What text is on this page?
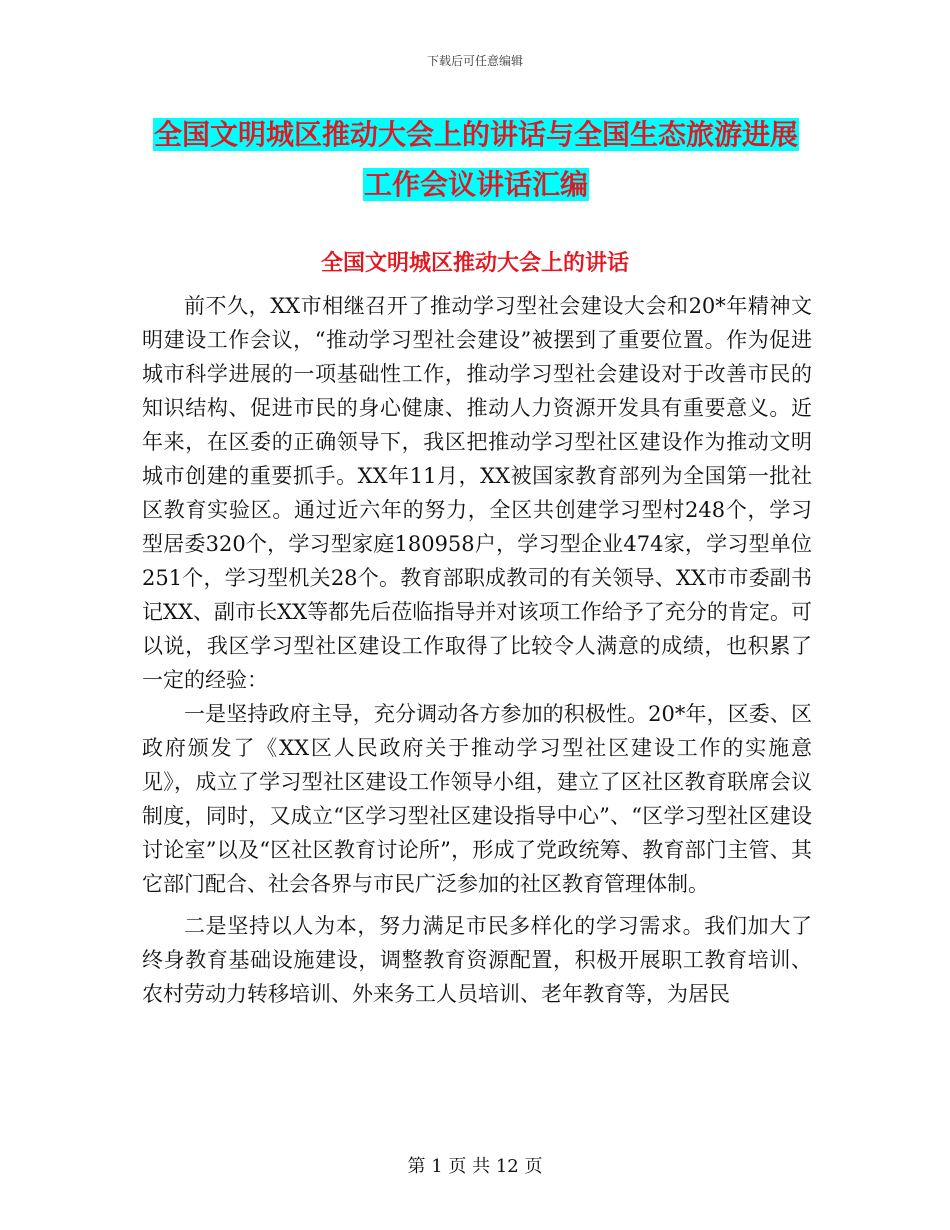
下载后可任意编辑
全国文明城区推动大会上的讲话与全国生态旅游进展
工作会议讲话汇编
全国文明城区推动大会上的讲话

前不久，XX市相继召开了推动学习型社会建设大会和20*年精神文明建设工作会议，“推动学习型社会建设”被摆到了重要位置。作为促进城市科学进展的一项基础性工作，推动学习型社会建设对于改善市民的知识结构、促进市民的身心健康、推动人力资源开发具有重要意义。近年来，在区委的正确领导下，我区把推动学习型社区建设作为推动文明城市创建的重要抓手。XX年11月，XX被国家教育部列为全国第一批社区教育实验区。通过近六年的努力，全区共创建学习型村248个，学习型居委320个，学习型家庭180958户，学习型企业474家，学习型单位251个，学习型机关28个。教育部职成教司的有关领导、XX市市委副书记XX、副市长XX等都先后莅临指导并对该项工作给予了充分的肯定。可以说，我区学习型社区建设工作取得了比较令人满意的成绩，也积累了一定的经验：

一是坚持政府主导，充分调动各方参加的积极性。20*年，区委、区政府颁发了《XX区人民政府关于推动学习型社区建设工作的实施意见》，成立了学习型社区建设工作领导小组，建立了区社区教育联席会议制度，同时，又成立“区学习型社区建设指导中心”、“区学习型社区建设讨论室”以及“区社区教育讨论所”，形成了党政统筹、教育部门主管、其它部门配合、社会各界与市民广泛参加的社区教育管理体制。

二是坚持以人为本，努力满足市民多样化的学习需求。我们加大了终身教育基础设施建设，调整教育资源配置，积极开展职工教育培训、农村劳动力转移培训、外来务工人员培训、老年教育等，为居民

第 1 页 共 12 页
